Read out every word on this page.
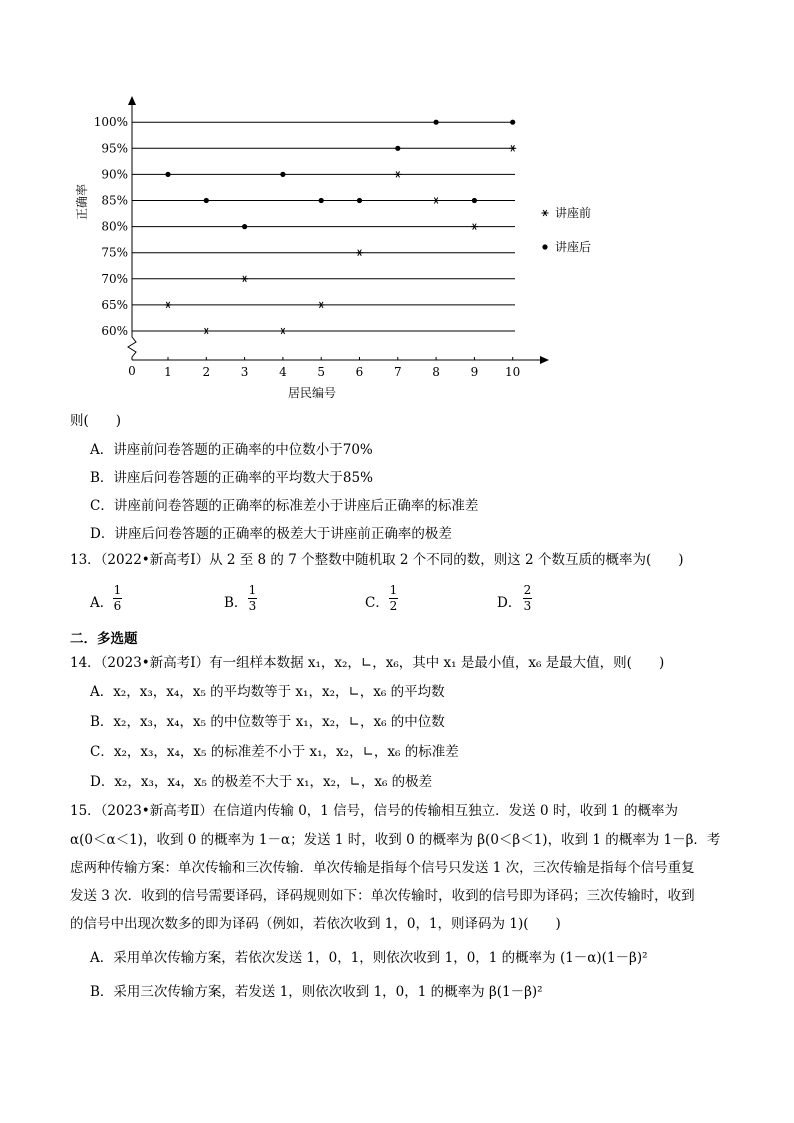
60%
65%
70%
75%
80%
85%
90%
95%
100%
1	2	3	4	5	6	7	8	9 10
讲座前
讲座后
正确率
居民编号
0
则(　　)
A．讲座前问卷答题的正确率的中位数小于70%
B．讲座后问卷答题的正确率的平均数大于85%
C．讲座前问卷答题的正确率的标准差小于讲座后正确率的标准差
D．讲座后问卷答题的正确率的极差大于讲座前正确率的极差
13．（2022•新高考Ⅰ）从 2 至 8 的 7 个整数中随机取 2 个不同的数，则这 2 个数互质的概率为(　　)
A．
1
6	B．
1
3	C．
1
2	D．
2
3
二．多选题
14．（2023•新高考Ⅰ）有一组样本数据 x₁，x₂，∟，x₆，其中 x₁ 是最小值，x₆ 是最大值，则(　　)
A．x₂，x₃，x₄，x₅ 的平均数等于 x₁，x₂，∟，x₆ 的平均数
B．x₂，x₃，x₄，x₅ 的中位数等于 x₁，x₂，∟，x₆ 的中位数
C．x₂，x₃，x₄，x₅ 的标准差不小于 x₁，x₂，∟，x₆ 的标准差
D．x₂，x₃，x₄，x₅ 的极差不大于 x₁，x₂，∟，x₆ 的极差
15．（2023•新高考Ⅱ）在信道内传输 0，1 信号，信号的传输相互独立．发送 0 时，收到 1 的概率为
α(0＜α＜1)，收到 0 的概率为 1－α；发送 1 时，收到 0 的概率为 β(0＜β＜1)，收到 1 的概率为 1－β．考
虑两种传输方案：单次传输和三次传输．单次传输是指每个信号只发送 1 次，三次传输是指每个信号重复
发送 3 次．收到的信号需要译码，译码规则如下：单次传输时，收到的信号即为译码；三次传输时，收到
的信号中出现次数多的即为译码（例如，若依次收到 1，0，1，则译码为 1)(　　)
A．采用单次传输方案，若依次发送 1，0，1，则依次收到 1，0，1 的概率为 (1－α)(1－β)²
B．采用三次传输方案，若发送 1，则依次收到 1，0，1 的概率为 β(1－β)²
